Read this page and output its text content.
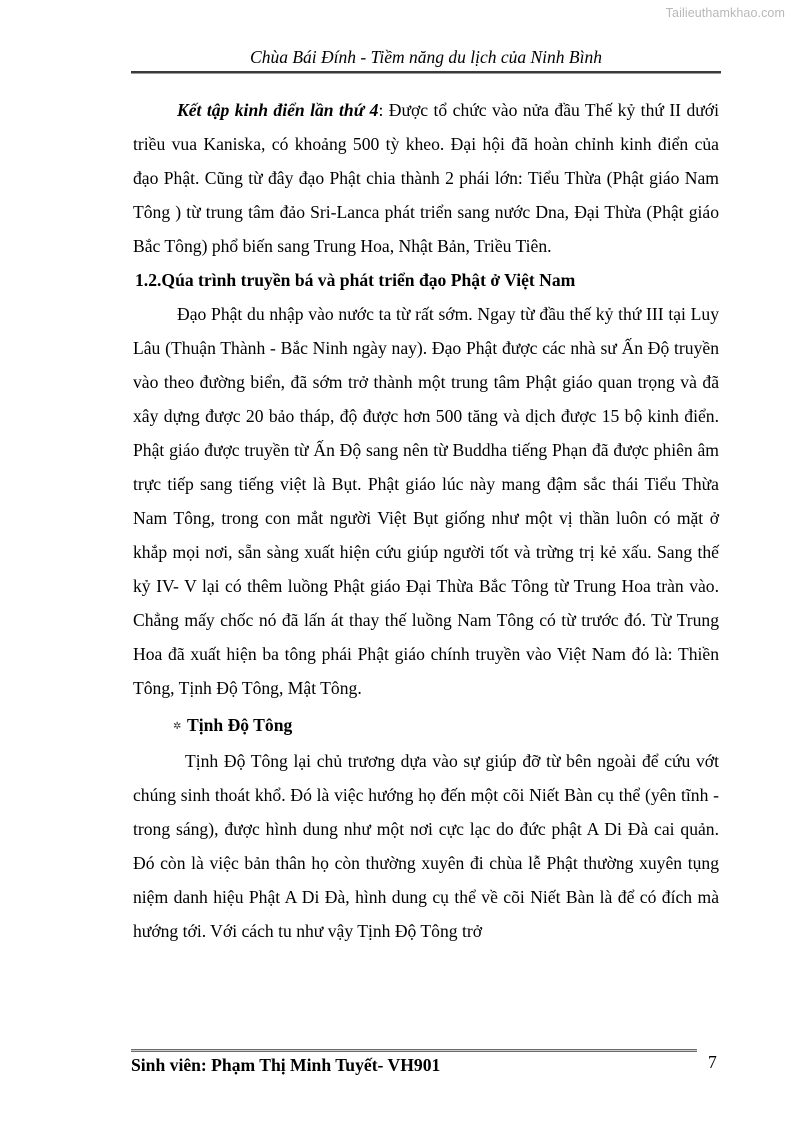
Tailieuthamkhao.com
Chùa Bái Đính - Tiềm năng du lịch của Ninh Bình

Kết tập kinh điển lần thứ 4: Được tổ chức vào nửa đầu Thế kỷ thứ II dưới triều vua Kaniska, có khoảng 500 tỳ kheo. Đại hội đã hoàn chỉnh kinh điển của đạo Phật. Cũng từ đây đạo Phật chia thành 2 phái lớn: Tiểu Thừa (Phật giáo Nam Tông ) từ trung tâm đảo Sri-Lanca phát triển sang nước Dna, Đại Thừa (Phật giáo Bắc Tông) phổ biến sang Trung Hoa, Nhật Bản, Triều Tiên.

1.2.Qúa trình truyền bá và phát triển đạo Phật ở Việt Nam

Đạo Phật du nhập vào nước ta từ rất sớm. Ngay từ đầu thế kỷ thứ III tại Luy Lâu (Thuận Thành - Bắc Ninh ngày nay). Đạo Phật được các nhà sư Ấn Độ truyền vào theo đường biển, đã sớm trở thành một trung tâm Phật giáo quan trọng và đã xây dựng được 20 bảo tháp, độ được hơn 500 tăng và dịch được 15 bộ kinh điển. Phật giáo được truyền từ Ấn Độ sang nên từ Buddha tiếng Phạn đã được phiên âm trực tiếp sang tiếng việt là Bụt. Phật giáo lúc này mang đậm sắc thái Tiểu Thừa Nam Tông, trong con mắt người Việt Bụt giống như một vị thần luôn có mặt ở khắp mọi nơi, sẵn sàng xuất hiện cứu giúp người tốt và trừng trị kẻ xấu. Sang thế kỷ IV- V lại có thêm luồng Phật giáo Đại Thừa Bắc Tông từ Trung Hoa tràn vào. Chẳng mấy chốc nó đã lấn át thay thế luồng Nam Tông có từ trước đó. Từ Trung Hoa đã xuất hiện ba tông phái Phật giáo chính truyền vào Việt Nam đó là: Thiền Tông, Tịnh Độ Tông, Mật Tông.

✲ Tịnh Độ Tông

Tịnh Độ Tông lại chủ trương dựa vào sự giúp đỡ từ bên ngoài để cứu vớt chúng sinh thoát khổ. Đó là việc hướng họ đến một cõi Niết Bàn cụ thể (yên tĩnh - trong sáng), được hình dung như một nơi cực lạc do đức phật A Di Đà cai quản. Đó còn là việc bản thân họ còn thường xuyên đi chùa lễ Phật thường xuyên tụng niệm danh hiệu Phật A Di Đà, hình dung cụ thể về cõi Niết Bàn là để có đích mà hướng tới. Với cách tu như vậy Tịnh Độ Tông trở

Sinh viên: Phạm Thị Minh Tuyết- VH901	7
